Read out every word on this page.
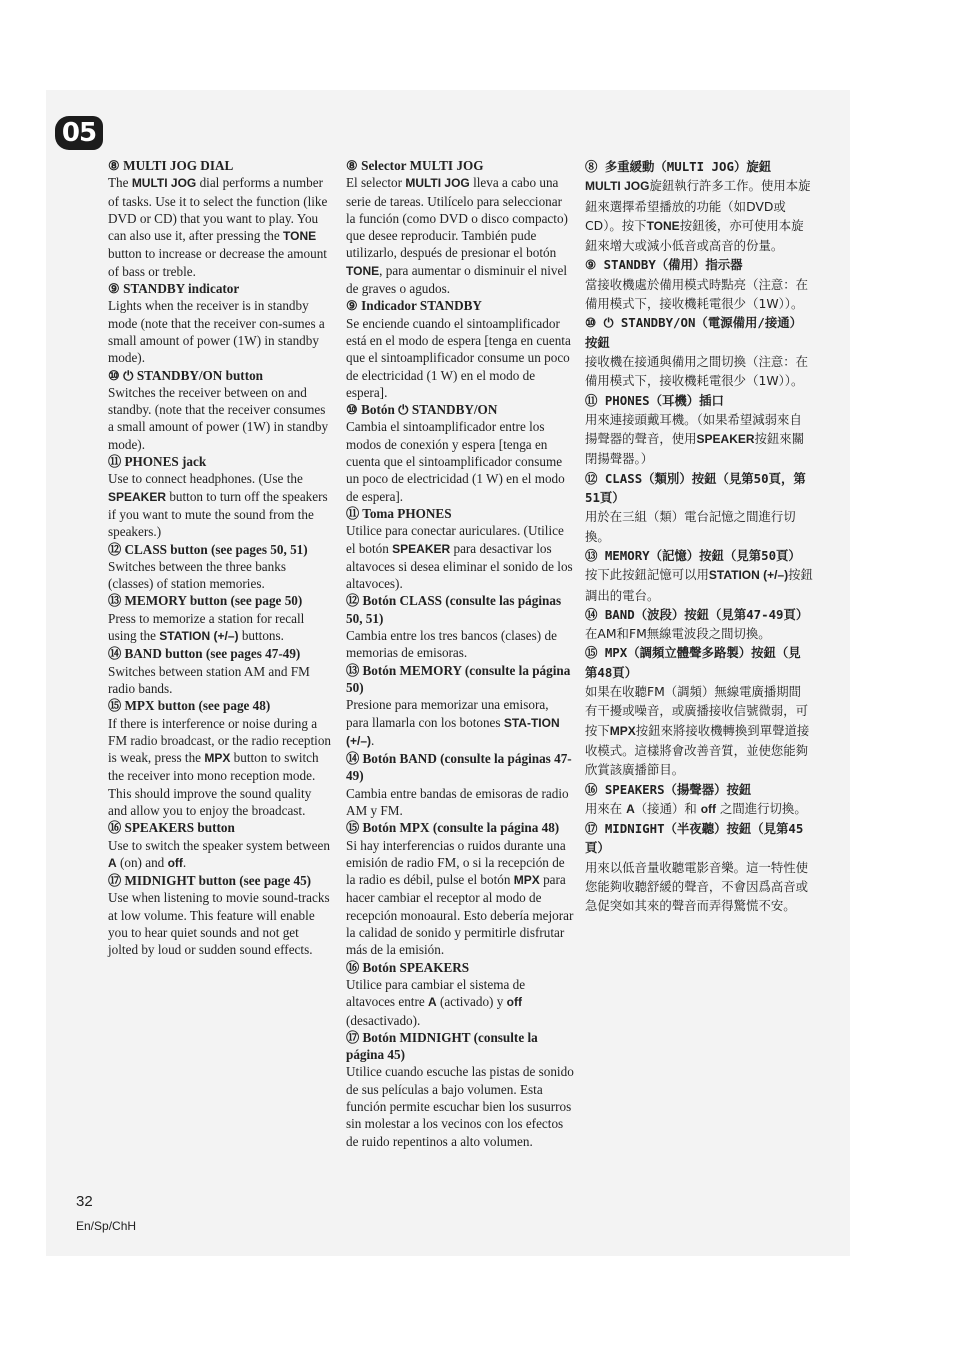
05
⑧ MULTI JOG DIAL
The MULTI JOG dial performs a number of tasks. Use it to select the function (like DVD or CD) that you want to play. You can also use it, after pressing the TONE button to increase or decrease the amount of bass or treble.
⑨ STANDBY indicator
Lights when the receiver is in standby mode (note that the receiver con-sumes a small amount of power (1W) in standby mode).
⑩ ⏻ STANDBY/ON button
Switches the receiver between on and standby. (note that the receiver consumes a small amount of power (1W) in standby mode).
⑪ PHONES jack
Use to connect headphones. (Use the SPEAKER button to turn off the speakers if you want to mute the sound from the speakers.)
⑫ CLASS button (see pages 50, 51)
Switches between the three banks (classes) of station memories.
⑬ MEMORY button (see page 50)
Press to memorize a station for recall using the STATION (+/–) buttons.
⑭ BAND button (see pages 47-49)
Switches between station AM and FM radio bands.
⑮ MPX button (see page 48)
If there is interference or noise during a FM radio broadcast, or the radio reception is weak, press the MPX button to switch the receiver into mono reception mode. This should improve the sound quality and allow you to enjoy the broadcast.
⑯ SPEAKERS button
Use to switch the speaker system between A (on) and off.
⑰ MIDNIGHT button (see page 45)
Use when listening to movie sound-tracks at low volume. This feature will enable you to hear quiet sounds and not get jolted by loud or sudden sound effects.
⑧ Selector MULTI JOG
El selector MULTI JOG lleva a cabo una serie de tareas. Utilícelo para seleccionar la función (como DVD o disco compacto) que desee reproducir. También pude utilizarlo, después de presionar el botón TONE, para aumentar o disminuir el nivel de graves o agudos.
⑨ Indicador STANDBY
Se enciende cuando el sintoamplificador está en el modo de espera [tenga en cuenta que el sintoamplificador consume un poco de electricidad (1 W) en el modo de espera].
⑩ Botón ⏻ STANDBY/ON
Cambia el sintoamplificador entre los modos de conexión y espera [tenga en cuenta que el sintoamplificador consume un poco de electricidad (1 W) en el modo de espera].
⑪ Toma PHONES
Utilice para conectar auriculares. (Utilice el botón SPEAKER para desactivar los altavoces si desea eliminar el sonido de los altavoces).
⑫ Botón CLASS (consulte las páginas 50, 51)
Cambia entre los tres bancos (clases) de memorias de emisoras.
⑬ Botón MEMORY (consulte la página 50)
Presione para memorizar una emisora, para llamarla con los botones STA-TION (+/–).
⑭ Botón BAND (consulte la páginas 47-49)
Cambia entre bandas de emisoras de radio AM y FM.
⑮ Botón MPX (consulte la página 48)
Si hay interferencias o ruidos durante una emisión de radio FM, o si la recepción de la radio es débil, pulse el botón MPX para hacer cambiar el receptor al modo de recepción monoaural. Esto debería mejorar la calidad de sonido y permitirle disfrutar más de la emisión.
⑯ Botón SPEAKERS
Utilice para cambiar el sistema de altavoces entre A (activado) y off (desactivado).
⑰ Botón MIDNIGHT (consulte la página 45)
Utilice cuando escuche las pistas de sonido de sus películas a bajo volumen. Esta función permite escuchar bien los susurros sin molestar a los vecinos con los efectos de ruido repentinos a alto volumen.
⑧ 多重緩動（MULTI JOG）旋鈕
MULTI JOG旋鈕執行許多工作。使用本旋鈕來選擇希望播放的功能（如DVD或CD）。按下TONE按鈕後，亦可使用本旋鈕來增大或減小低音或高音的份量。
⑨ STANDBY（備用）指示器
當接收機處於備用模式時點亮（注意：在備用模式下，接收機耗電很少（1W））。
⑩ ⏻ STANDBY/ON（電源備用/接通）按鈕
接收機在接通與備用之間切換（注意：在備用模式下，接收機耗電很少（1W））。
⑪ PHONES（耳機）插口
用來連接頭戴耳機。（如果希望減弱來自揚聲器的聲音，使用SPEAKER按鈕來關閉揚聲器。）
⑫ CLASS（類別）按鈕（見第50頁，第51頁）
用於在三組（類）電台記憶之間進行切換。
⑬ MEMORY（記憶）按鈕（見第50頁）
按下此按鈕記憶可以用STATION (+/–)按鈕調出的電台。
⑭ BAND（波段）按鈕（見第47-49頁）
在AM和FM無線電波段之間切換。
⑮ MPX（調頻立體聲多路製）按鈕（見第48頁）
如果在收聽FM（調頻）無線電廣播期間有干擾或噪音，或廣播接收信號微弱，可按下MPX按鈕來將接收機轉換到單聲道接收模式。這樣將會改善音質，並使您能夠欣賞該廣播節目。
⑯ SPEAKERS（揚聲器）按鈕
用來在 A（接通）和 off 之間進行切換。
⑰ MIDNIGHT（半夜聽）按鈕（見第45頁）
用來以低音量收聽電影音樂。這一特性使您能夠收聽舒緩的聲音，不會因爲高音或急促突如其來的聲音而弄得驚慌不安。
32
En/Sp/ChH
